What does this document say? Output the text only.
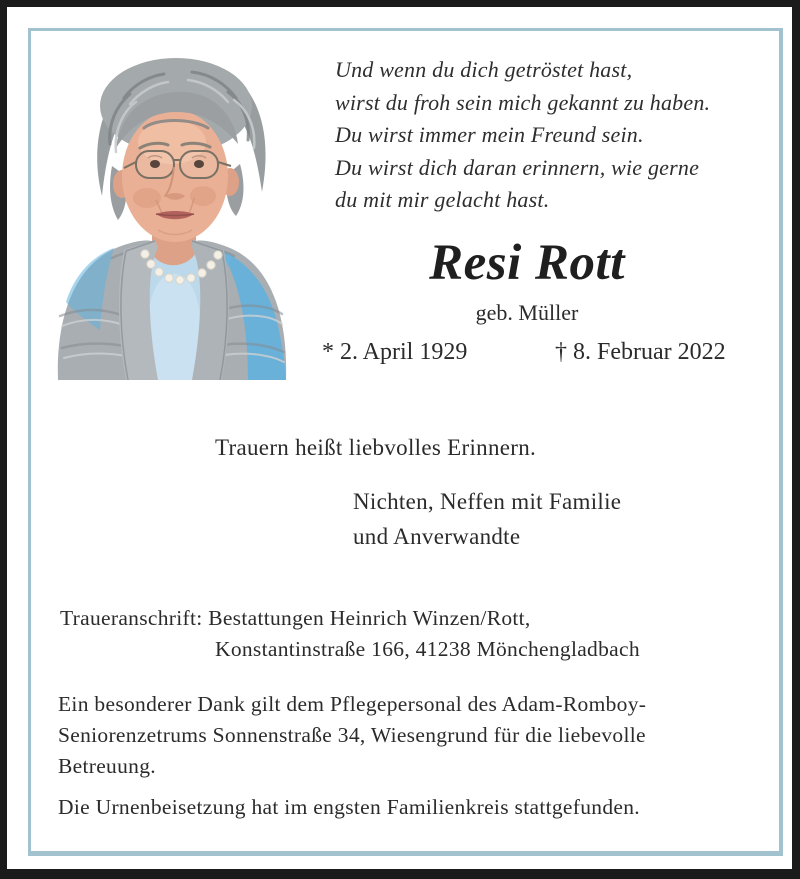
Und wenn du dich getröstet hast,
wirst du froh sein mich gekannt zu haben.
Du wirst immer mein Freund sein.
Du wirst dich daran erinnern, wie gerne
du mit mir gelacht hast.
Resi Rott
geb. Müller
* 2. April 1929	† 8. Februar 2022
Trauern heißt liebvolles Erinnern.
Nichten, Neffen mit Familie
und Anverwandte
Traueranschrift: Bestattungen Heinrich Winzen/Rott,
Konstantinstraße 166, 41238 Mönchengladbach
Ein besonderer Dank gilt dem Pflegepersonal des Adam-Romboy-
Seniorenzetrums Sonnenstraße 34, Wiesengrund für die liebevolle
Betreuung.
Die Urnenbeisetzung hat im engsten Familienkreis stattgefunden.
